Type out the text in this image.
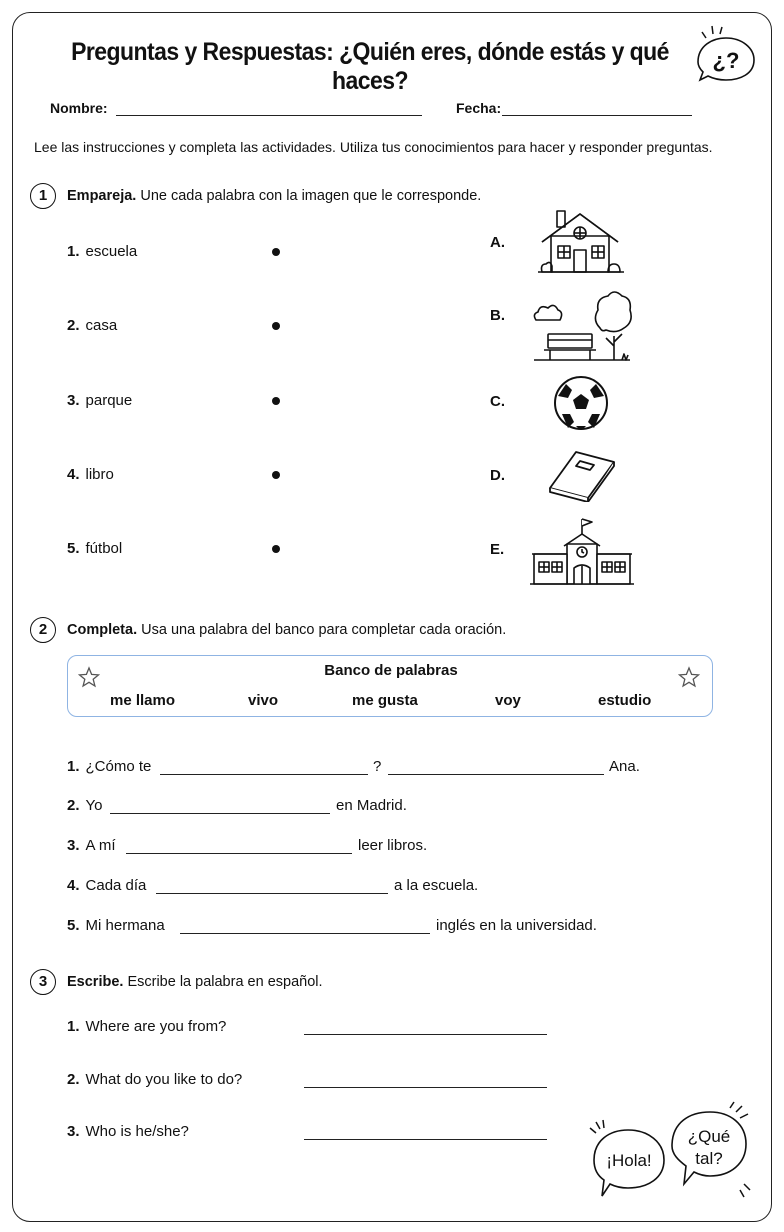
Preguntas y Respuestas: ¿Quién eres, dónde estás y qué haces?
¿?
Nombre:	Fecha:
Lee las instrucciones y completa las actividades. Utiliza tus conocimientos para hacer y responder preguntas.
1	Empareja. Une cada palabra con la imagen que le corresponde.
1. escuela
2. casa
3. parque
4. libro
5. fútbol
A.
B.
C.
D.
E.
2	Completa. Usa una palabra del banco para completar cada oración.
Banco de palabras
me llamo	vivo	me gusta	voy	estudio
1. ¿Cómo te	?	Ana.
2. Yo	en Madrid.
3. A mí	leer libros.
4. Cada día	a la escuela.
5. Mi hermana	inglés en la universidad.
3	Escribe. Escribe la palabra en español.
1. Where are you from?
2. What do you like to do?
3. Who is he/she?
¡Hola!
¿Qué
tal?
